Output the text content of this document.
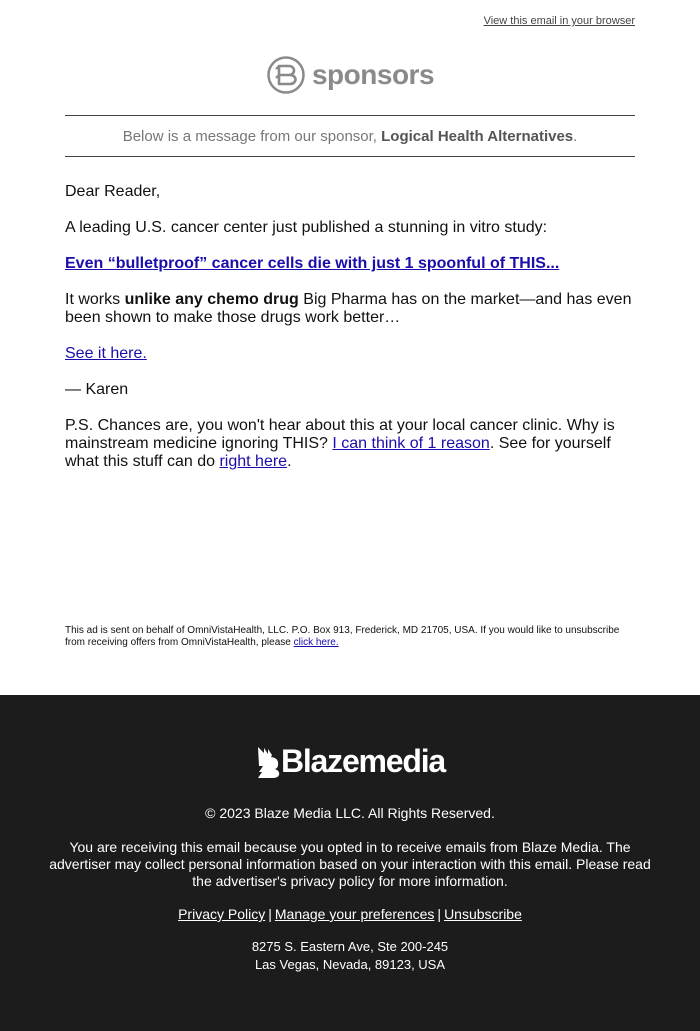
View this email in your browser
sponsors
Below is a message from our sponsor, Logical Health Alternatives.

Dear Reader,

A leading U.S. cancer center just published a stunning in vitro study:

Even “bulletproof” cancer cells die with just 1 spoonful of THIS...

It works unlike any chemo drug Big Pharma has on the market—and has even been shown to make those drugs work better…

See it here.

— Karen

P.S. Chances are, you won't hear about this at your local cancer clinic. Why is mainstream medicine ignoring THIS? I can think of 1 reason. See for yourself what this stuff can do right here.

This ad is sent on behalf of OmniVistaHealth, LLC. P.O. Box 913, Frederick, MD 21705, USA. If you would like to unsubscribe from receiving offers from OmniVistaHealth, please click here.
Blazemedia
© 2023 Blaze Media LLC. All Rights Reserved.
You are receiving this email because you opted in to receive emails from Blaze Media. The advertiser may collect personal information based on your interaction with this email. Please read the advertiser's privacy policy for more information.
Privacy Policy | Manage your preferences | Unsubscribe
8275 S. Eastern Ave, Ste 200-245
Las Vegas, Nevada, 89123, USA
